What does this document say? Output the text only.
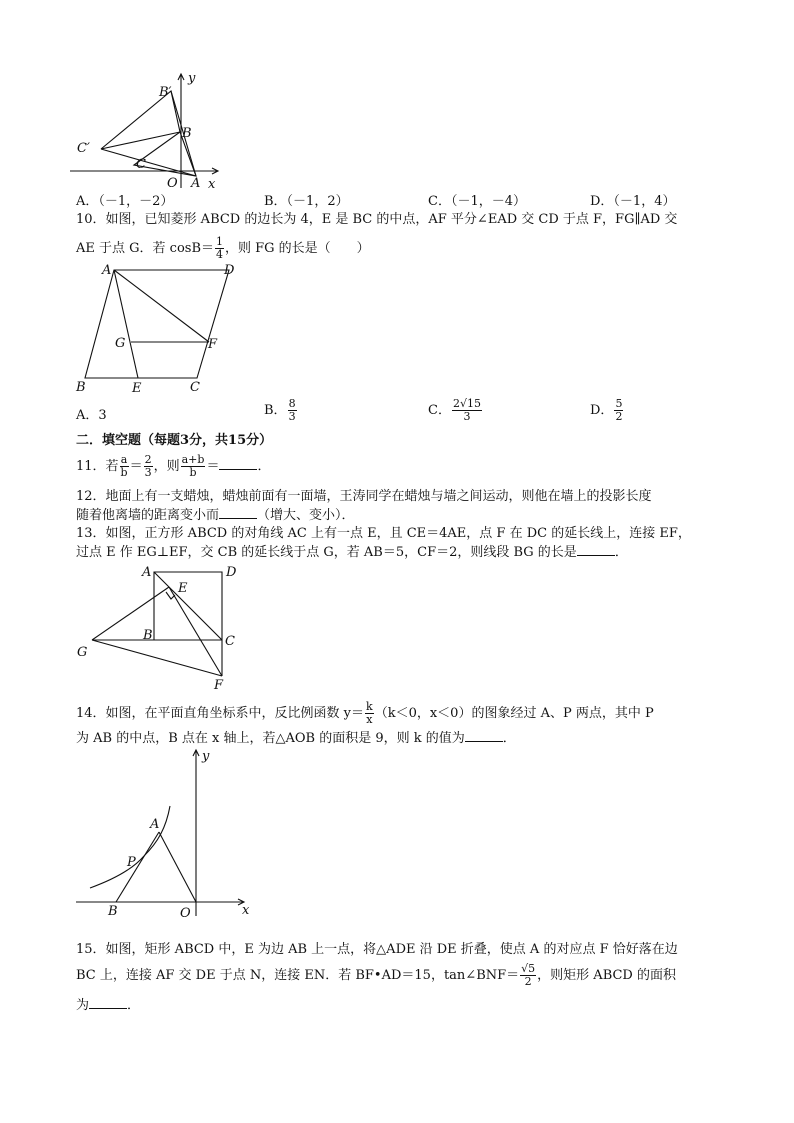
y
x
B′
B
C′
C
O A
A．（－1，－2）	B．（－1，2）	C．（－1，－4）	D．（－1，4）
10．如图，已知菱形 ABCD 的边长为 4，E 是 BC 的中点，AF 平分∠EAD 交 CD 于点 F，FG∥AD 交
AE 于点 G．若 $\cos B= \frac{1}{4}$ ，则 FG 的长是（　　）
A	D
G	F
B	E	C
A．3	B． $\frac{8}{3}$	C． $\frac{2√15}{3}$	D． $\frac{5}{2}$
二．填空题（每题3分，共15分）
11．若 $\frac{a}{b} = \frac{2}{3}$ ，则 $\frac{a+b}{b}$ ＝	．
12．地面上有一支蜡烛，蜡烛前面有一面墙，王涛同学在蜡烛与墙之间运动，则他在墙上的投影长度
随着他离墙的距离变小而	（增大、变小）．
13．如图，正方形 ABCD 的对角线 AC 上有一点 E，且 CE＝4AE，点 F 在 DC 的延长线上，连接 EF，
过点 E 作 EG⊥EF，交 CB 的延长线于点 G，若 AB＝5，CF＝2，则线段 BG 的长是	．
A	D
E
B	C
G
F
14．如图，在平面直角坐标系中，反比例函数 $y= \frac{k}{x} (k<0$，x＜0）的图象经过 A、P 两点，其中 P
为 AB 的中点，B 点在 x 轴上，若△AOB 的面积是 9，则 k 的值为	．
y
A
P
B	O	x
15．如图，矩形 ABCD 中，E 为边 AB 上一点，将△ADE 沿 DE 折叠，使点 A 的对应点 F 恰好落在边
BC 上，连接 AF 交 DE 于点 N，连接 EN．若 BF•AD＝15，tan∠BNF＝ $\frac{√5}{2}$ ，则矩形 ABCD 的面积
为	．
